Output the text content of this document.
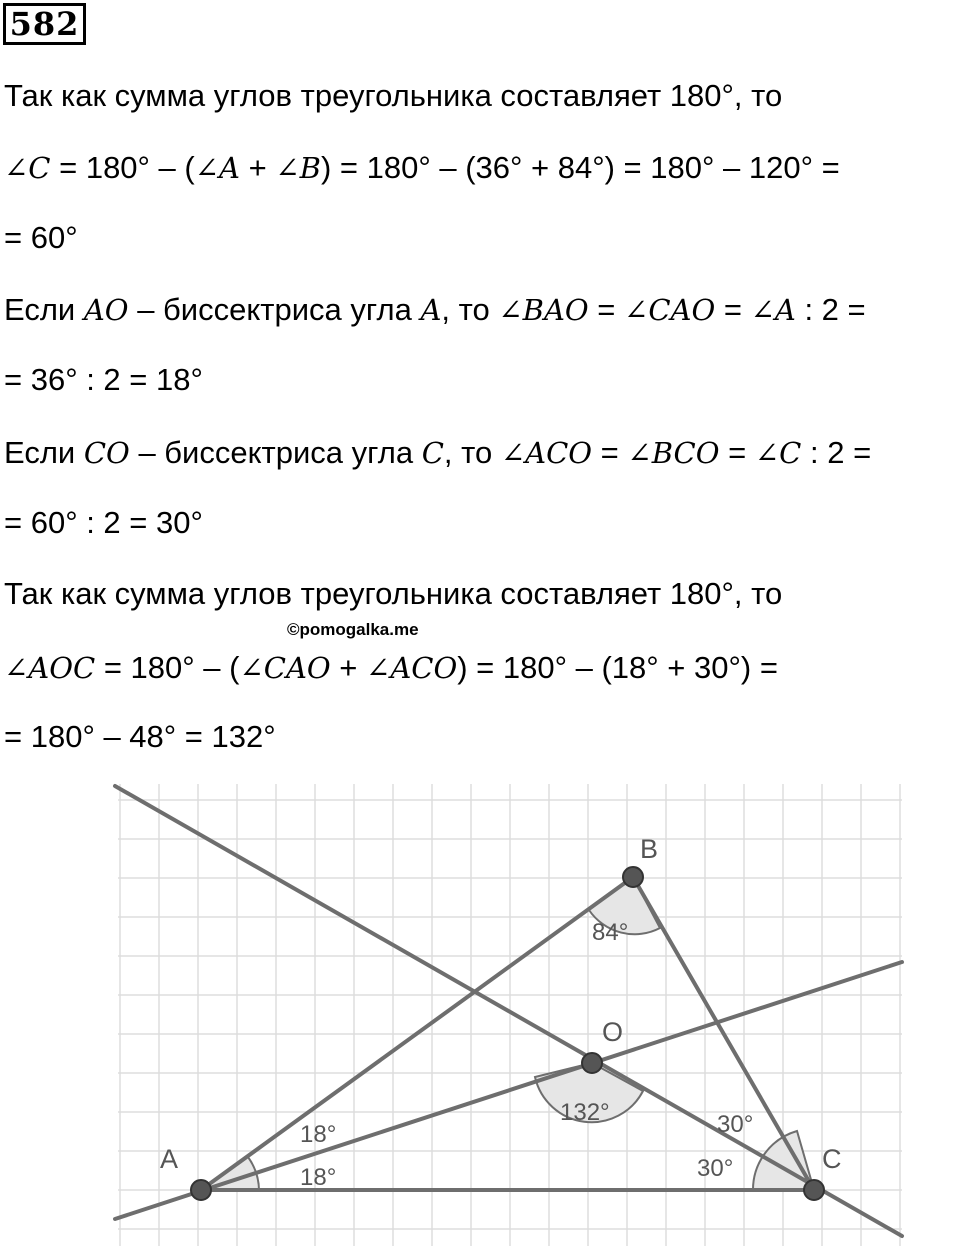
582
Так как сумма углов треугольника составляет 180°, то
∠C = 180° – (∠A + ∠B) = 180° – (36° + 84°) = 180° – 120° =
= 60°
Если AO – биссектриса угла A, то ∠BAO = ∠CAO = ∠A : 2 =
= 36° : 2 = 18°
Если CO – биссектриса угла C, то ∠ACO = ∠BCO = ∠C : 2 =
= 60° : 2 = 30°
Так как сумма углов треугольника составляет 180°, то
∠AOC = 180° – (∠CAO + ∠ACO) = 180° – (18° + 30°) =
= 180° – 48° = 132°
©pomogalka.me
A
B
C
O
84°
132°
18°
18°
30°
30°
